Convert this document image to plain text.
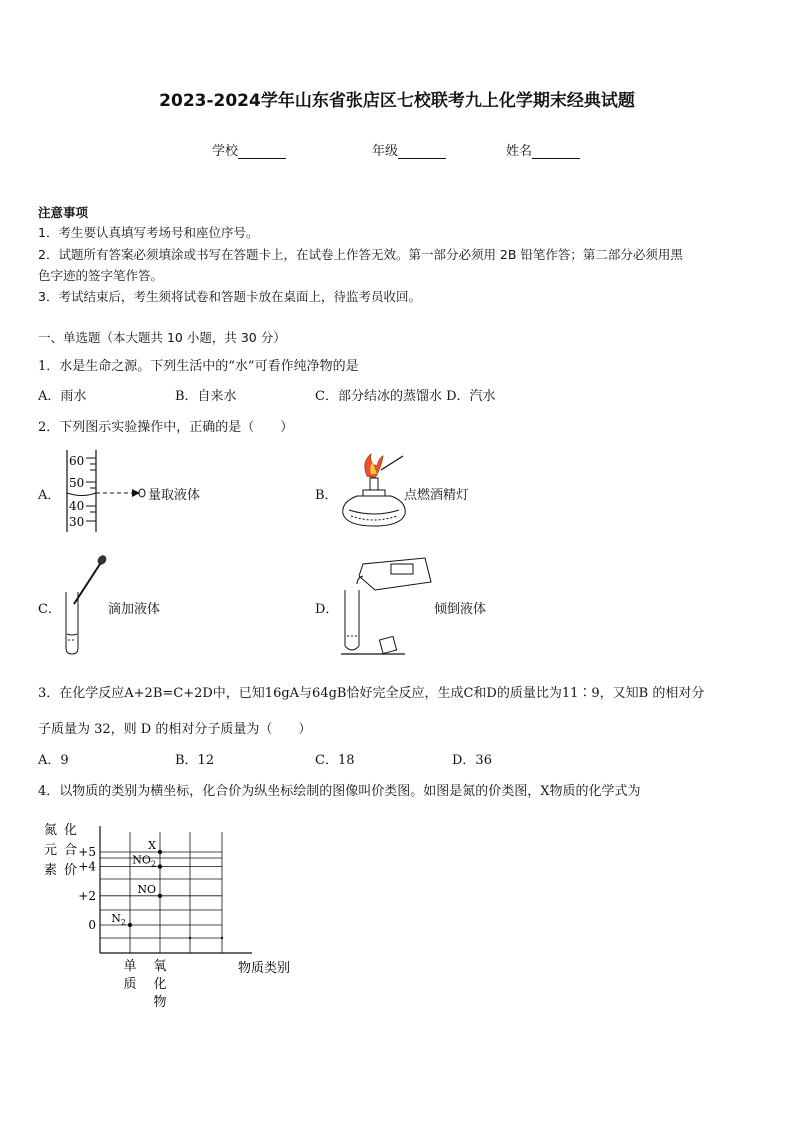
2023-2024学年山东省张店区七校联考九上化学期末经典试题
学校	年级	姓名
注意事项
1．考生要认真填写考场号和座位序号。
2．试题所有答案必须填涂或书写在答题卡上，在试卷上作答无效。第一部分必须用 2B 铅笔作答；第二部分必须用黑
色字迹的签字笔作答。
3．考试结束后，考生须将试卷和答题卡放在桌面上，待监考员收回。
一、单选题（本大题共 10 小题，共 30 分）
1．水是生命之源。下列生活中的“水”可看作纯净物的是
A．雨水	B．自来水	C．部分结冰的蒸馏水 D．汽水
2．下列图示实验操作中，正确的是（　　）
A．
60
50
40
30
量取液体	B．	点燃酒精灯
C．	滴加液体	D．	倾倒液体
3．在化学反应A+2B=C+2D中，已知16gA与64gB恰好完全反应，生成C和D的质量比为11∶9，又知B 的相对分
子质量为 32，则 D 的相对分子质量为（　　）
A．9	B．12	C．18	D．36
4．以物质的类别为横坐标，化合价为纵坐标绘制的图像叫价类图。如图是氮的价类图，X物质的化学式为
氮
元
素
化
合
价
+5
+4
+2
0 $N_2$
NO
$NO_2$
X
单
质
氧
化
物
物质类别
